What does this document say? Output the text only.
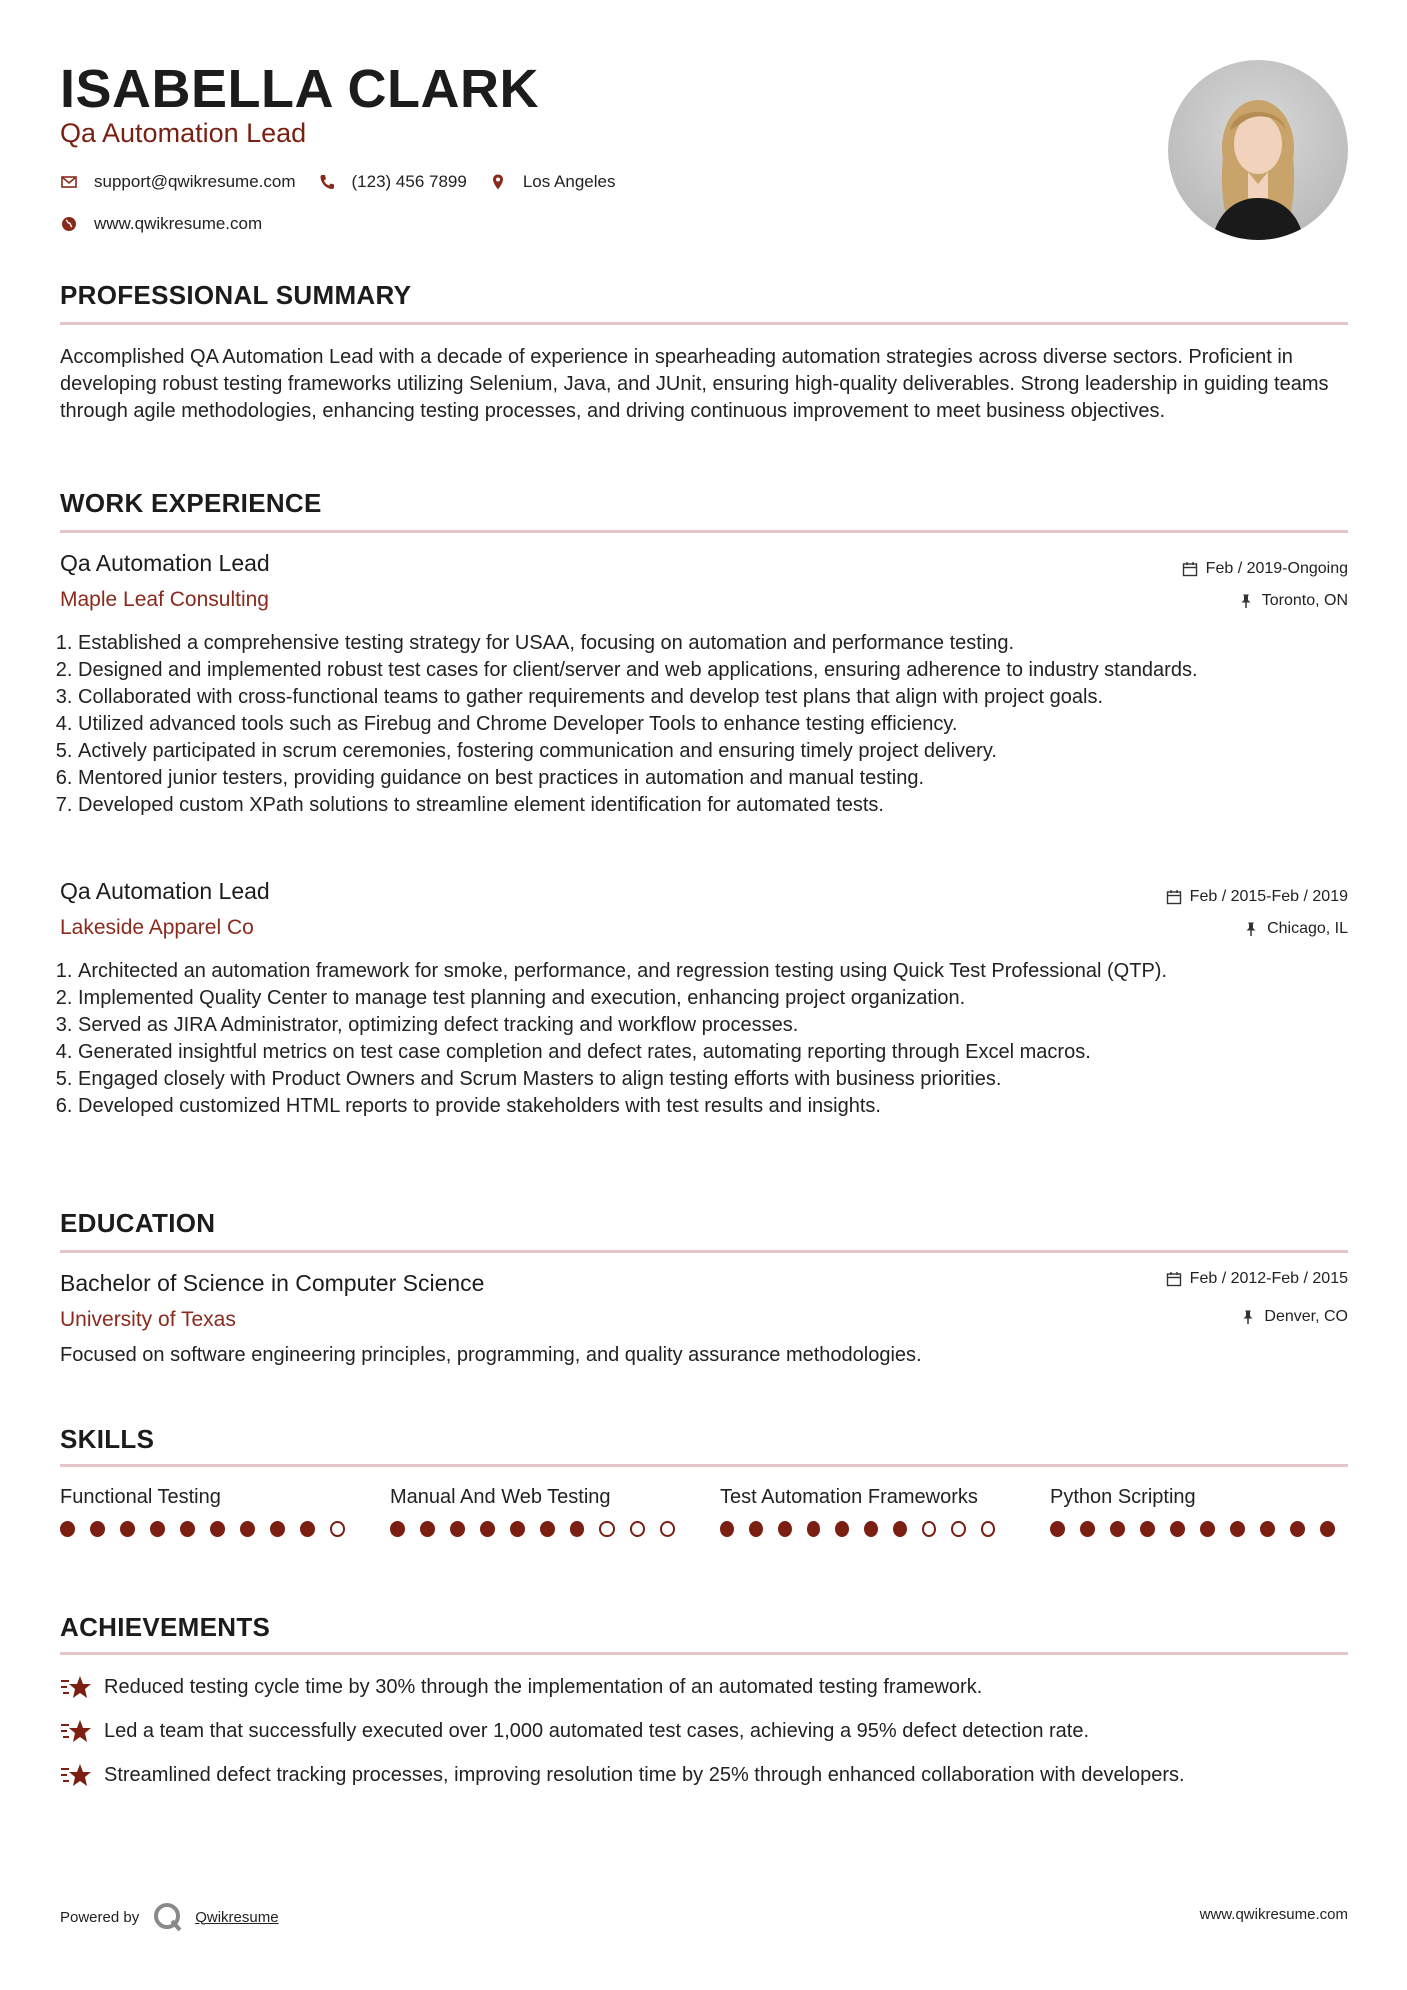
ISABELLA CLARK
Qa Automation Lead
support@qwikresume.com	(123) 456 7899	Los Angeles
www.qwikresume.com
PROFESSIONAL SUMMARY
Accomplished QA Automation Lead with a decade of experience in spearheading automation strategies across diverse sectors. Proficient in developing robust testing frameworks utilizing Selenium, Java, and JUnit, ensuring high-quality deliverables. Strong leadership in guiding teams through agile methodologies, enhancing testing processes, and driving continuous improvement to meet business objectives.
WORK EXPERIENCE
Qa Automation Lead
Maple Leaf Consulting
Feb / 2019-Ongoing
Toronto, ON
1. Established a comprehensive testing strategy for USAA, focusing on automation and performance testing.
2. Designed and implemented robust test cases for client/server and web applications, ensuring adherence to industry standards.
3. Collaborated with cross-functional teams to gather requirements and develop test plans that align with project goals.
4. Utilized advanced tools such as Firebug and Chrome Developer Tools to enhance testing efficiency.
5. Actively participated in scrum ceremonies, fostering communication and ensuring timely project delivery.
6. Mentored junior testers, providing guidance on best practices in automation and manual testing.
7. Developed custom XPath solutions to streamline element identification for automated tests.
Qa Automation Lead
Lakeside Apparel Co
Feb / 2015-Feb / 2019
Chicago, IL
1. Architected an automation framework for smoke, performance, and regression testing using Quick Test Professional (QTP).
2. Implemented Quality Center to manage test planning and execution, enhancing project organization.
3. Served as JIRA Administrator, optimizing defect tracking and workflow processes.
4. Generated insightful metrics on test case completion and defect rates, automating reporting through Excel macros.
5. Engaged closely with Product Owners and Scrum Masters to align testing efforts with business priorities.
6. Developed customized HTML reports to provide stakeholders with test results and insights.
EDUCATION
Bachelor of Science in Computer Science
University of Texas
Feb / 2012-Feb / 2015
Denver, CO
Focused on software engineering principles, programming, and quality assurance methodologies.
SKILLS
Functional Testing	Manual And Web Testing	Test Automation Frameworks	Python Scripting
ACHIEVEMENTS
Reduced testing cycle time by 30% through the implementation of an automated testing framework.
Led a team that successfully executed over 1,000 automated test cases, achieving a 95% defect detection rate.
Streamlined defect tracking processes, improving resolution time by 25% through enhanced collaboration with developers.
Powered by	Qwikresume	www.qwikresume.com
